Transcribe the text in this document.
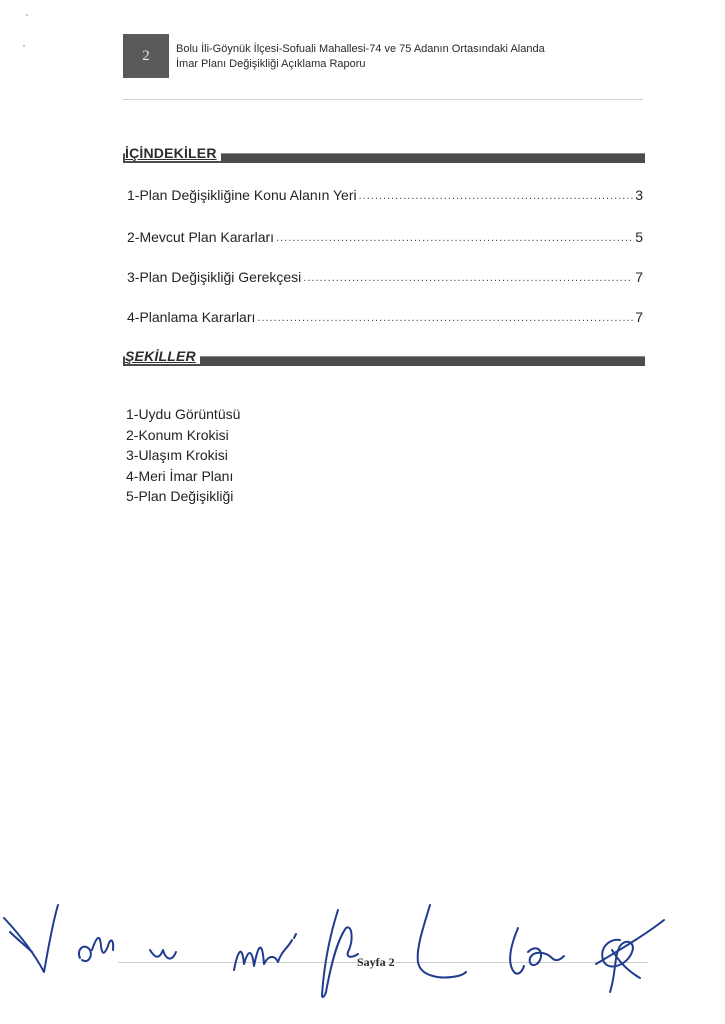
2	Bolu İli-Göynük İlçesi-Sofuali Mahallesi-74 ve 75 Adanın Ortasındaki Alanda
İmar Planı Değişikliği Açıklama Raporu
İÇİNDEKİLER
1-Plan Değişikliğine Konu Alanın Yeri .....	3
2-Mevcut Plan Kararları .....	5
3-Plan Değişikliği Gerekçesi .....	7
4-Planlama Kararları .....	7
ŞEKİLLER
1-Uydu Görüntüsü
2-Konum Krokisi
3-Ulaşım Krokisi
4-Meri İmar Planı
5-Plan Değişikliği
Sayfa 2
